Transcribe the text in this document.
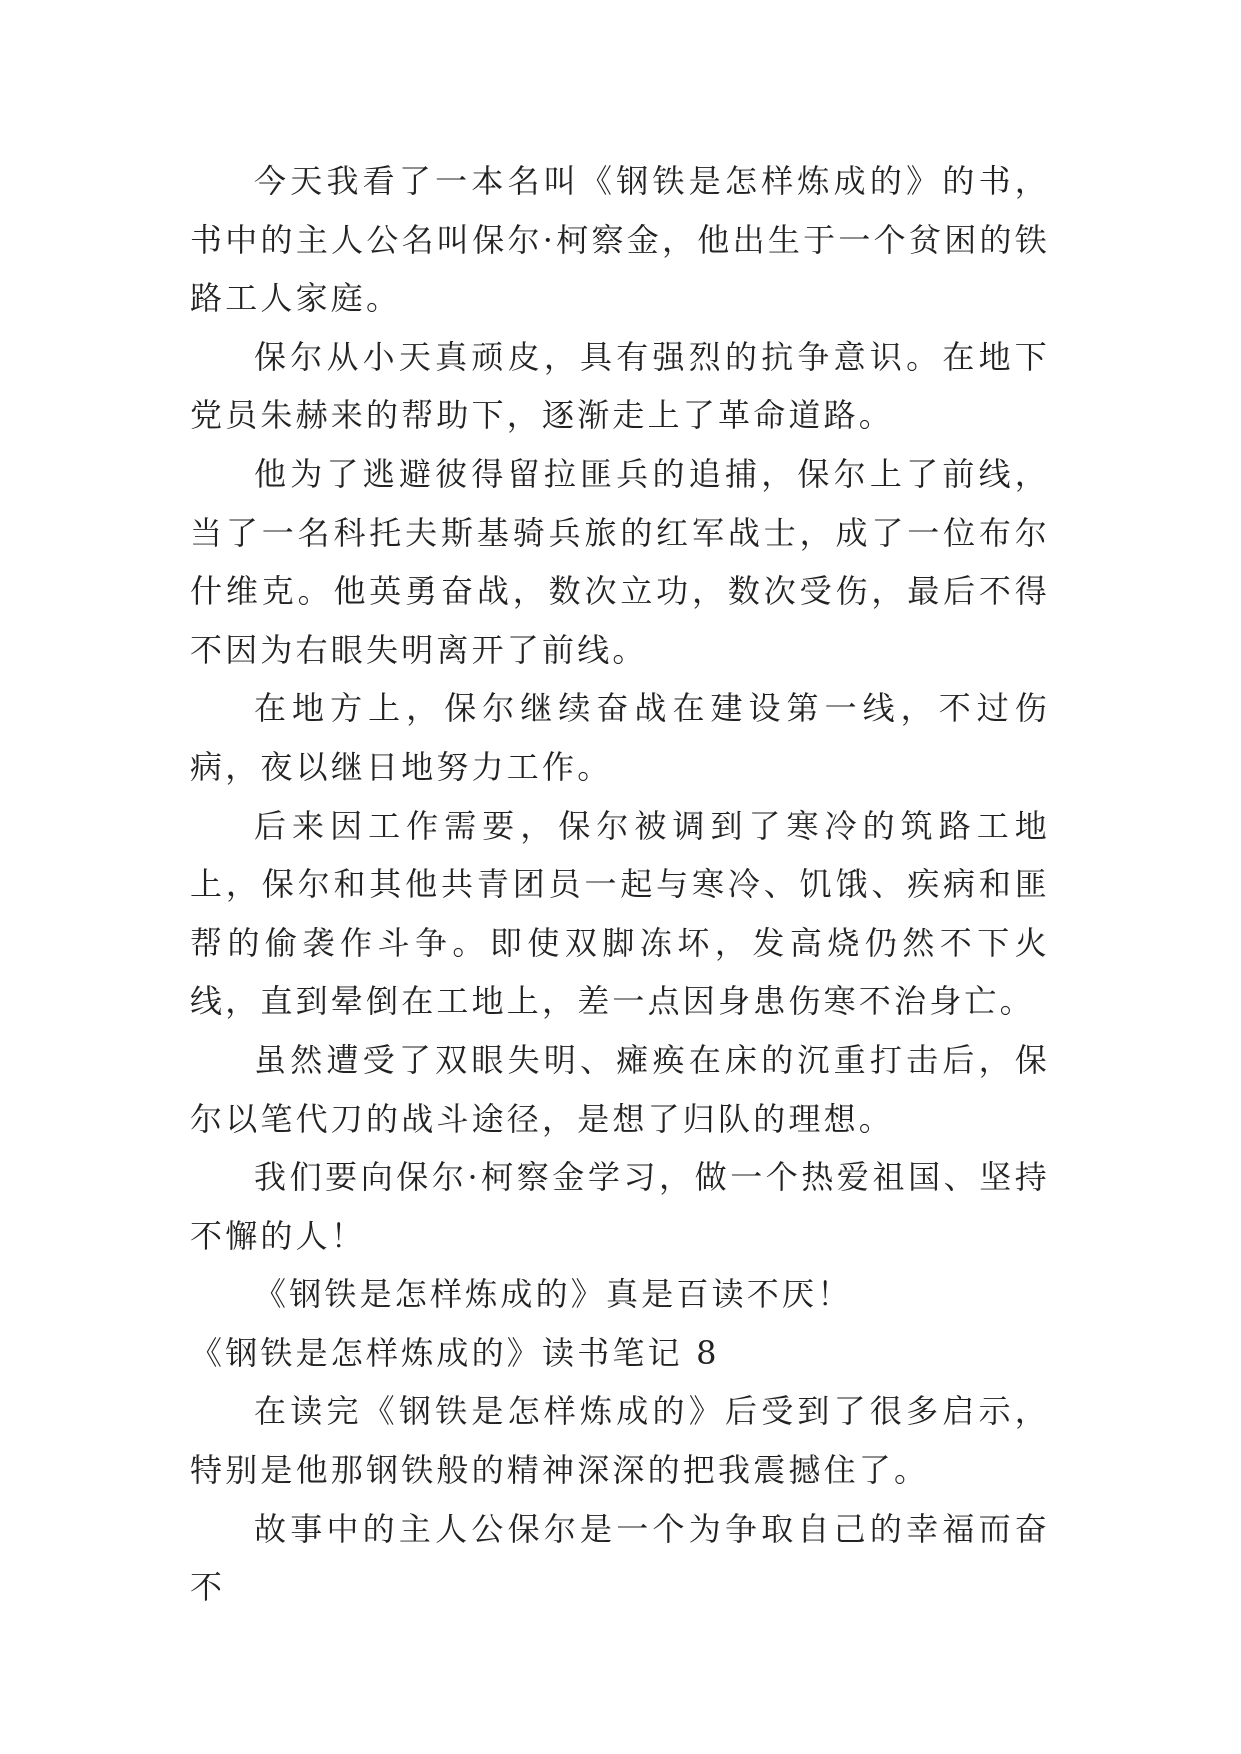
今天我看了一本名叫《钢铁是怎样炼成的》的书，书中的主人公名叫保尔·柯察金，他出生于一个贫困的铁路工人家庭。

保尔从小天真顽皮，具有强烈的抗争意识。在地下党员朱赫来的帮助下，逐渐走上了革命道路。

他为了逃避彼得留拉匪兵的追捕，保尔上了前线，当了一名科托夫斯基骑兵旅的红军战士，成了一位布尔什维克。他英勇奋战，数次立功，数次受伤，最后不得不因为右眼失明离开了前线。

在地方上，保尔继续奋战在建设第一线，不过伤病，夜以继日地努力工作。

后来因工作需要，保尔被调到了寒冷的筑路工地上，保尔和其他共青团员一起与寒冷、饥饿、疾病和匪帮的偷袭作斗争。即使双脚冻坏，发高烧仍然不下火线，直到晕倒在工地上，差一点因身患伤寒不治身亡。

虽然遭受了双眼失明、瘫痪在床的沉重打击后，保尔以笔代刀的战斗途径，是想了归队的理想。

我们要向保尔·柯察金学习，做一个热爱祖国、坚持不懈的人！

《钢铁是怎样炼成的》真是百读不厌！

《钢铁是怎样炼成的》读书笔记 8

在读完《钢铁是怎样炼成的》后受到了很多启示，特别是他那钢铁般的精神深深的把我震撼住了。

故事中的主人公保尔是一个为争取自己的幸福而奋不
